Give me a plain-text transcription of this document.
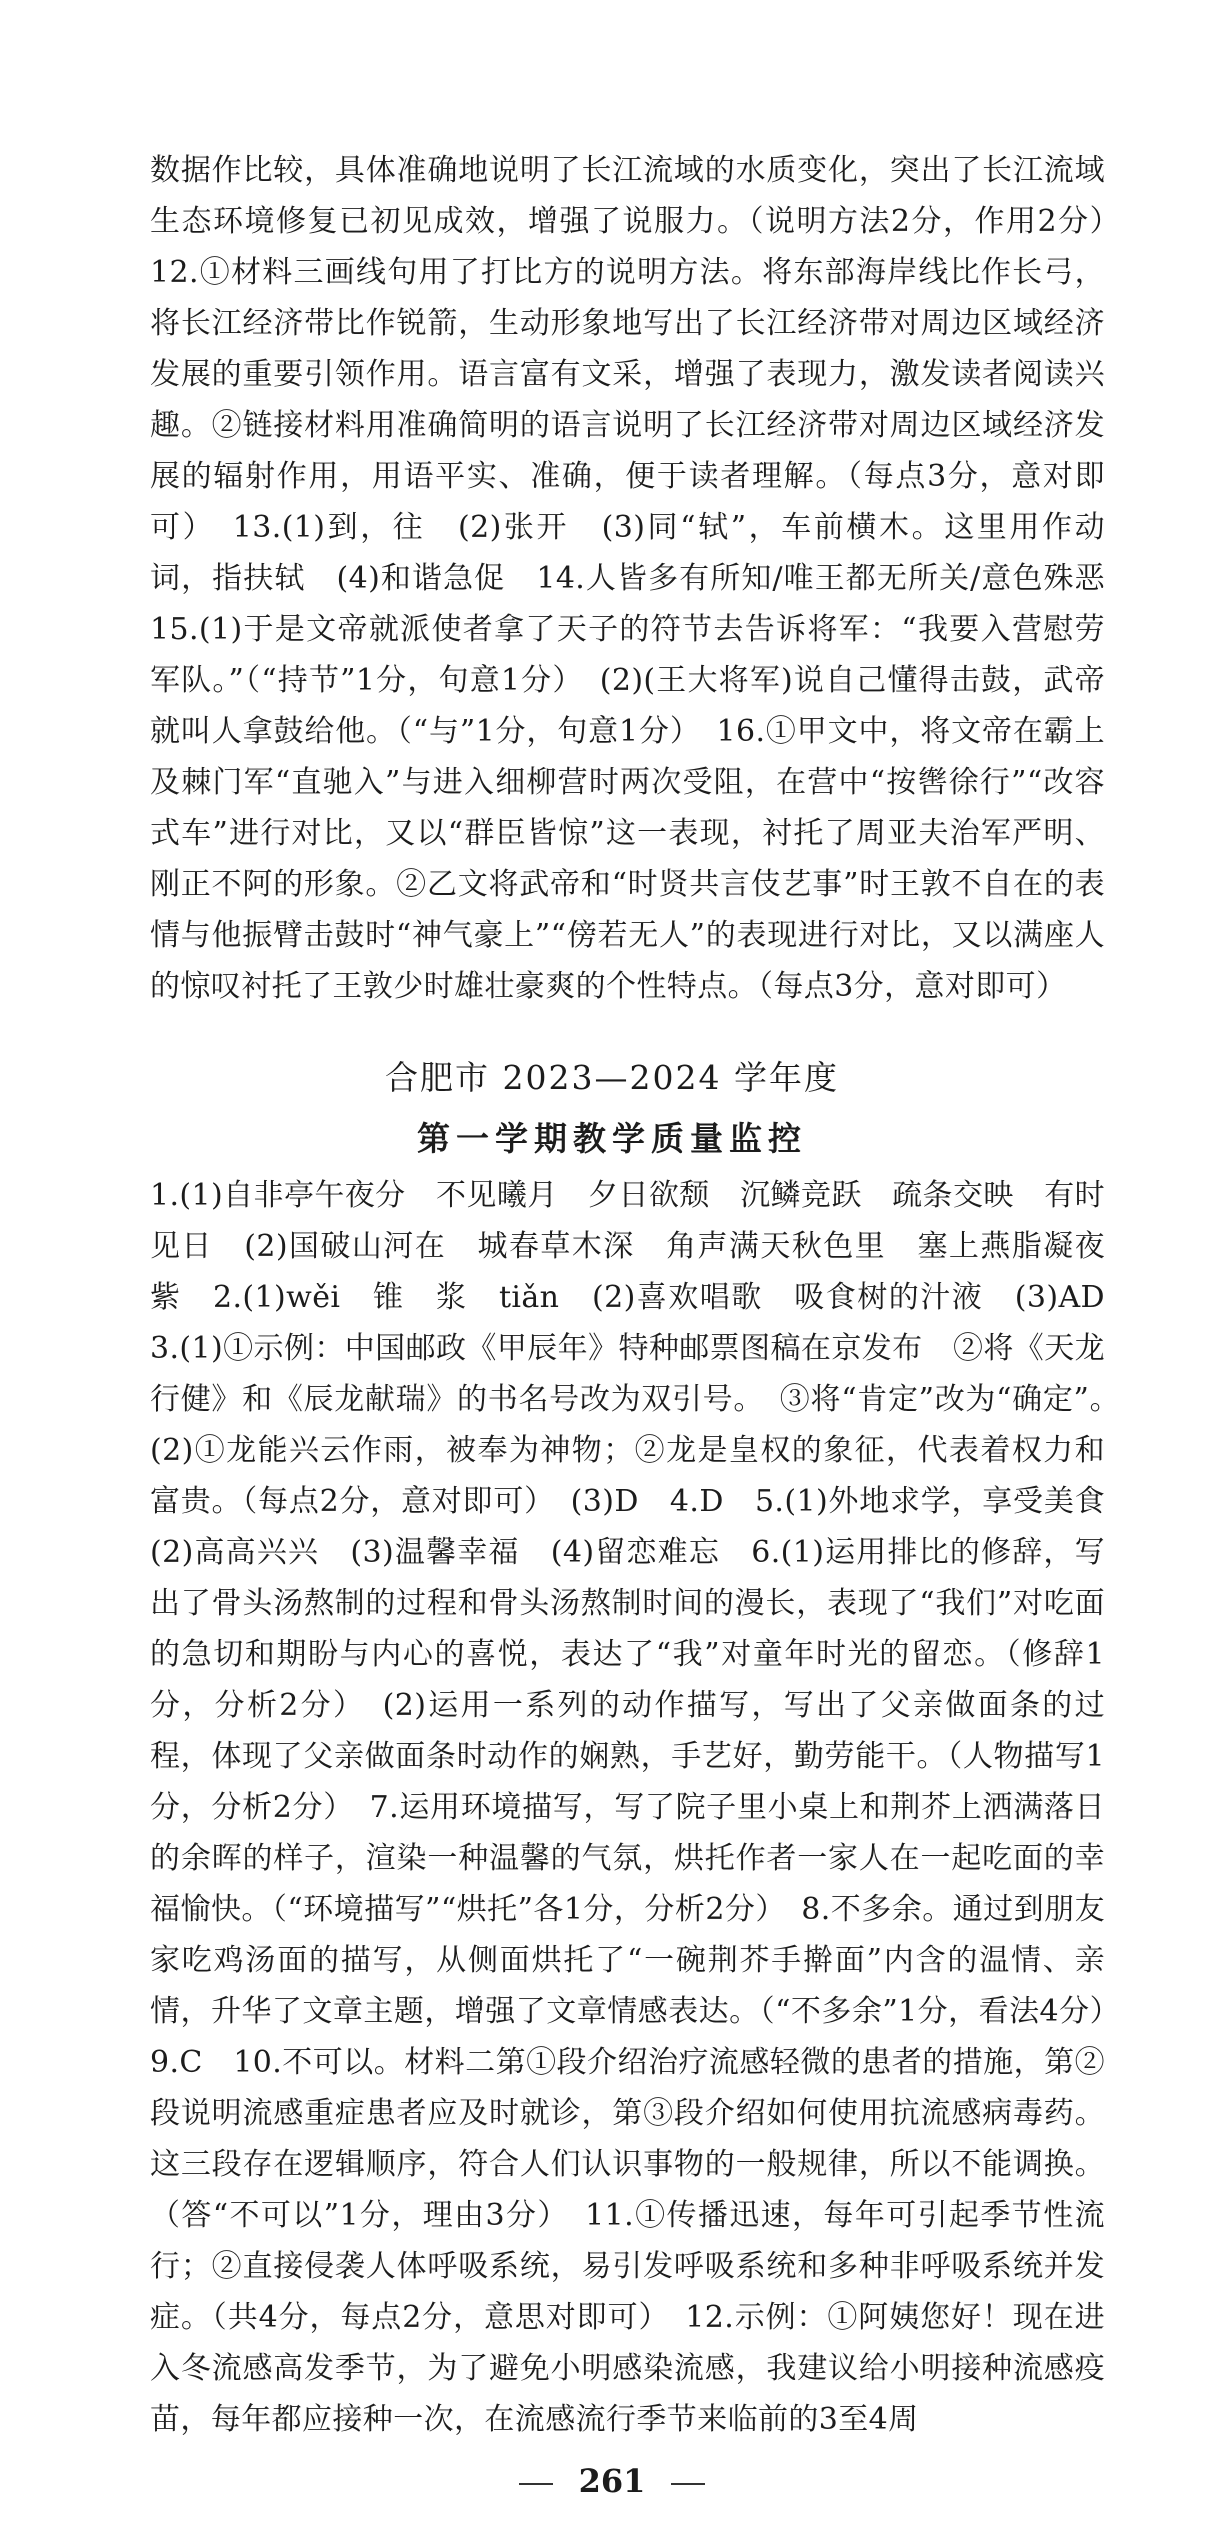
数据作比较，具体准确地说明了长江流域的水质变化，突出了长江流域生态环境修复已初见成效，增强了说服力。（说明方法2分，作用2分）　12.①材料三画线句用了打比方的说明方法。将东部海岸线比作长弓，将长江经济带比作锐箭，生动形象地写出了长江经济带对周边区域经济发展的重要引领作用。语言富有文采，增强了表现力，激发读者阅读兴趣。②链接材料用准确简明的语言说明了长江经济带对周边区域经济发展的辐射作用，用语平实、准确，便于读者理解。（每点3分，意对即可）　13.(1)到，往　(2)张开　(3)同“轼”，车前横木。这里用作动词，指扶轼　(4)和谐急促　14.人皆多有所知/唯王都无所关/意色殊恶　15.(1)于是文帝就派使者拿了天子的符节去告诉将军：“我要入营慰劳军队。”（“持节”1分，句意1分）　(2)(王大将军)说自己懂得击鼓，武帝就叫人拿鼓给他。（“与”1分，句意1分）　16.①甲文中，将文帝在霸上及棘门军“直驰入”与进入细柳营时两次受阻，在营中“按辔徐行”“改容式车”进行对比，又以“群臣皆惊”这一表现，衬托了周亚夫治军严明、刚正不阿的形象。②乙文将武帝和“时贤共言伎艺事”时王敦不自在的表情与他振臂击鼓时“神气豪上”“傍若无人”的表现进行对比，又以满座人的惊叹衬托了王敦少时雄壮豪爽的个性特点。（每点3分，意对即可）

合肥市 2023—2024 学年度

第一学期教学质量监控

1.(1)自非亭午夜分　不见曦月　夕日欲颓　沉鳞竞跃　疏条交映　有时见日　(2)国破山河在　城春草木深　角声满天秋色里　塞上燕脂凝夜紫　2.(1)wěi　锥　浆　tiǎn　(2)喜欢唱歌　吸食树的汁液　(3)AD　3.(1)①示例：中国邮政《甲辰年》特种邮票图稿在京发布　②将《天龙行健》和《辰龙献瑞》的书名号改为双引号。　③将“肯定”改为“确定”。　(2)①龙能兴云作雨，被奉为神物；②龙是皇权的象征，代表着权力和富贵。（每点2分，意对即可）　(3)D　4.D　5.(1)外地求学，享受美食　(2)高高兴兴　(3)温馨幸福　(4)留恋难忘　6.(1)运用排比的修辞，写出了骨头汤熬制的过程和骨头汤熬制时间的漫长，表现了“我们”对吃面的急切和期盼与内心的喜悦，表达了“我”对童年时光的留恋。（修辞1分，分析2分）　(2)运用一系列的动作描写，写出了父亲做面条的过程，体现了父亲做面条时动作的娴熟，手艺好，勤劳能干。（人物描写1分，分析2分）　7.运用环境描写，写了院子里小桌上和荆芥上洒满落日的余晖的样子，渲染一种温馨的气氛，烘托作者一家人在一起吃面的幸福愉快。（“环境描写”“烘托”各1分，分析2分）　8.不多余。通过到朋友家吃鸡汤面的描写，从侧面烘托了“一碗荆芥手擀面”内含的温情、亲情，升华了文章主题，增强了文章情感表达。（“不多余”1分，看法4分）　9.C　10.不可以。材料二第①段介绍治疗流感轻微的患者的措施，第②段说明流感重症患者应及时就诊，第③段介绍如何使用抗流感病毒药。这三段存在逻辑顺序，符合人们认识事物的一般规律，所以不能调换。（答“不可以”1分，理由3分）　11.①传播迅速，每年可引起季节性流行；②直接侵袭人体呼吸系统，易引发呼吸系统和多种非呼吸系统并发症。（共4分，每点2分，意思对即可）　12.示例：①阿姨您好！现在进入冬流感高发季节，为了避免小明感染流感，我建议给小明接种流感疫苗，每年都应接种一次，在流感流行季节来临前的3至4周

261
